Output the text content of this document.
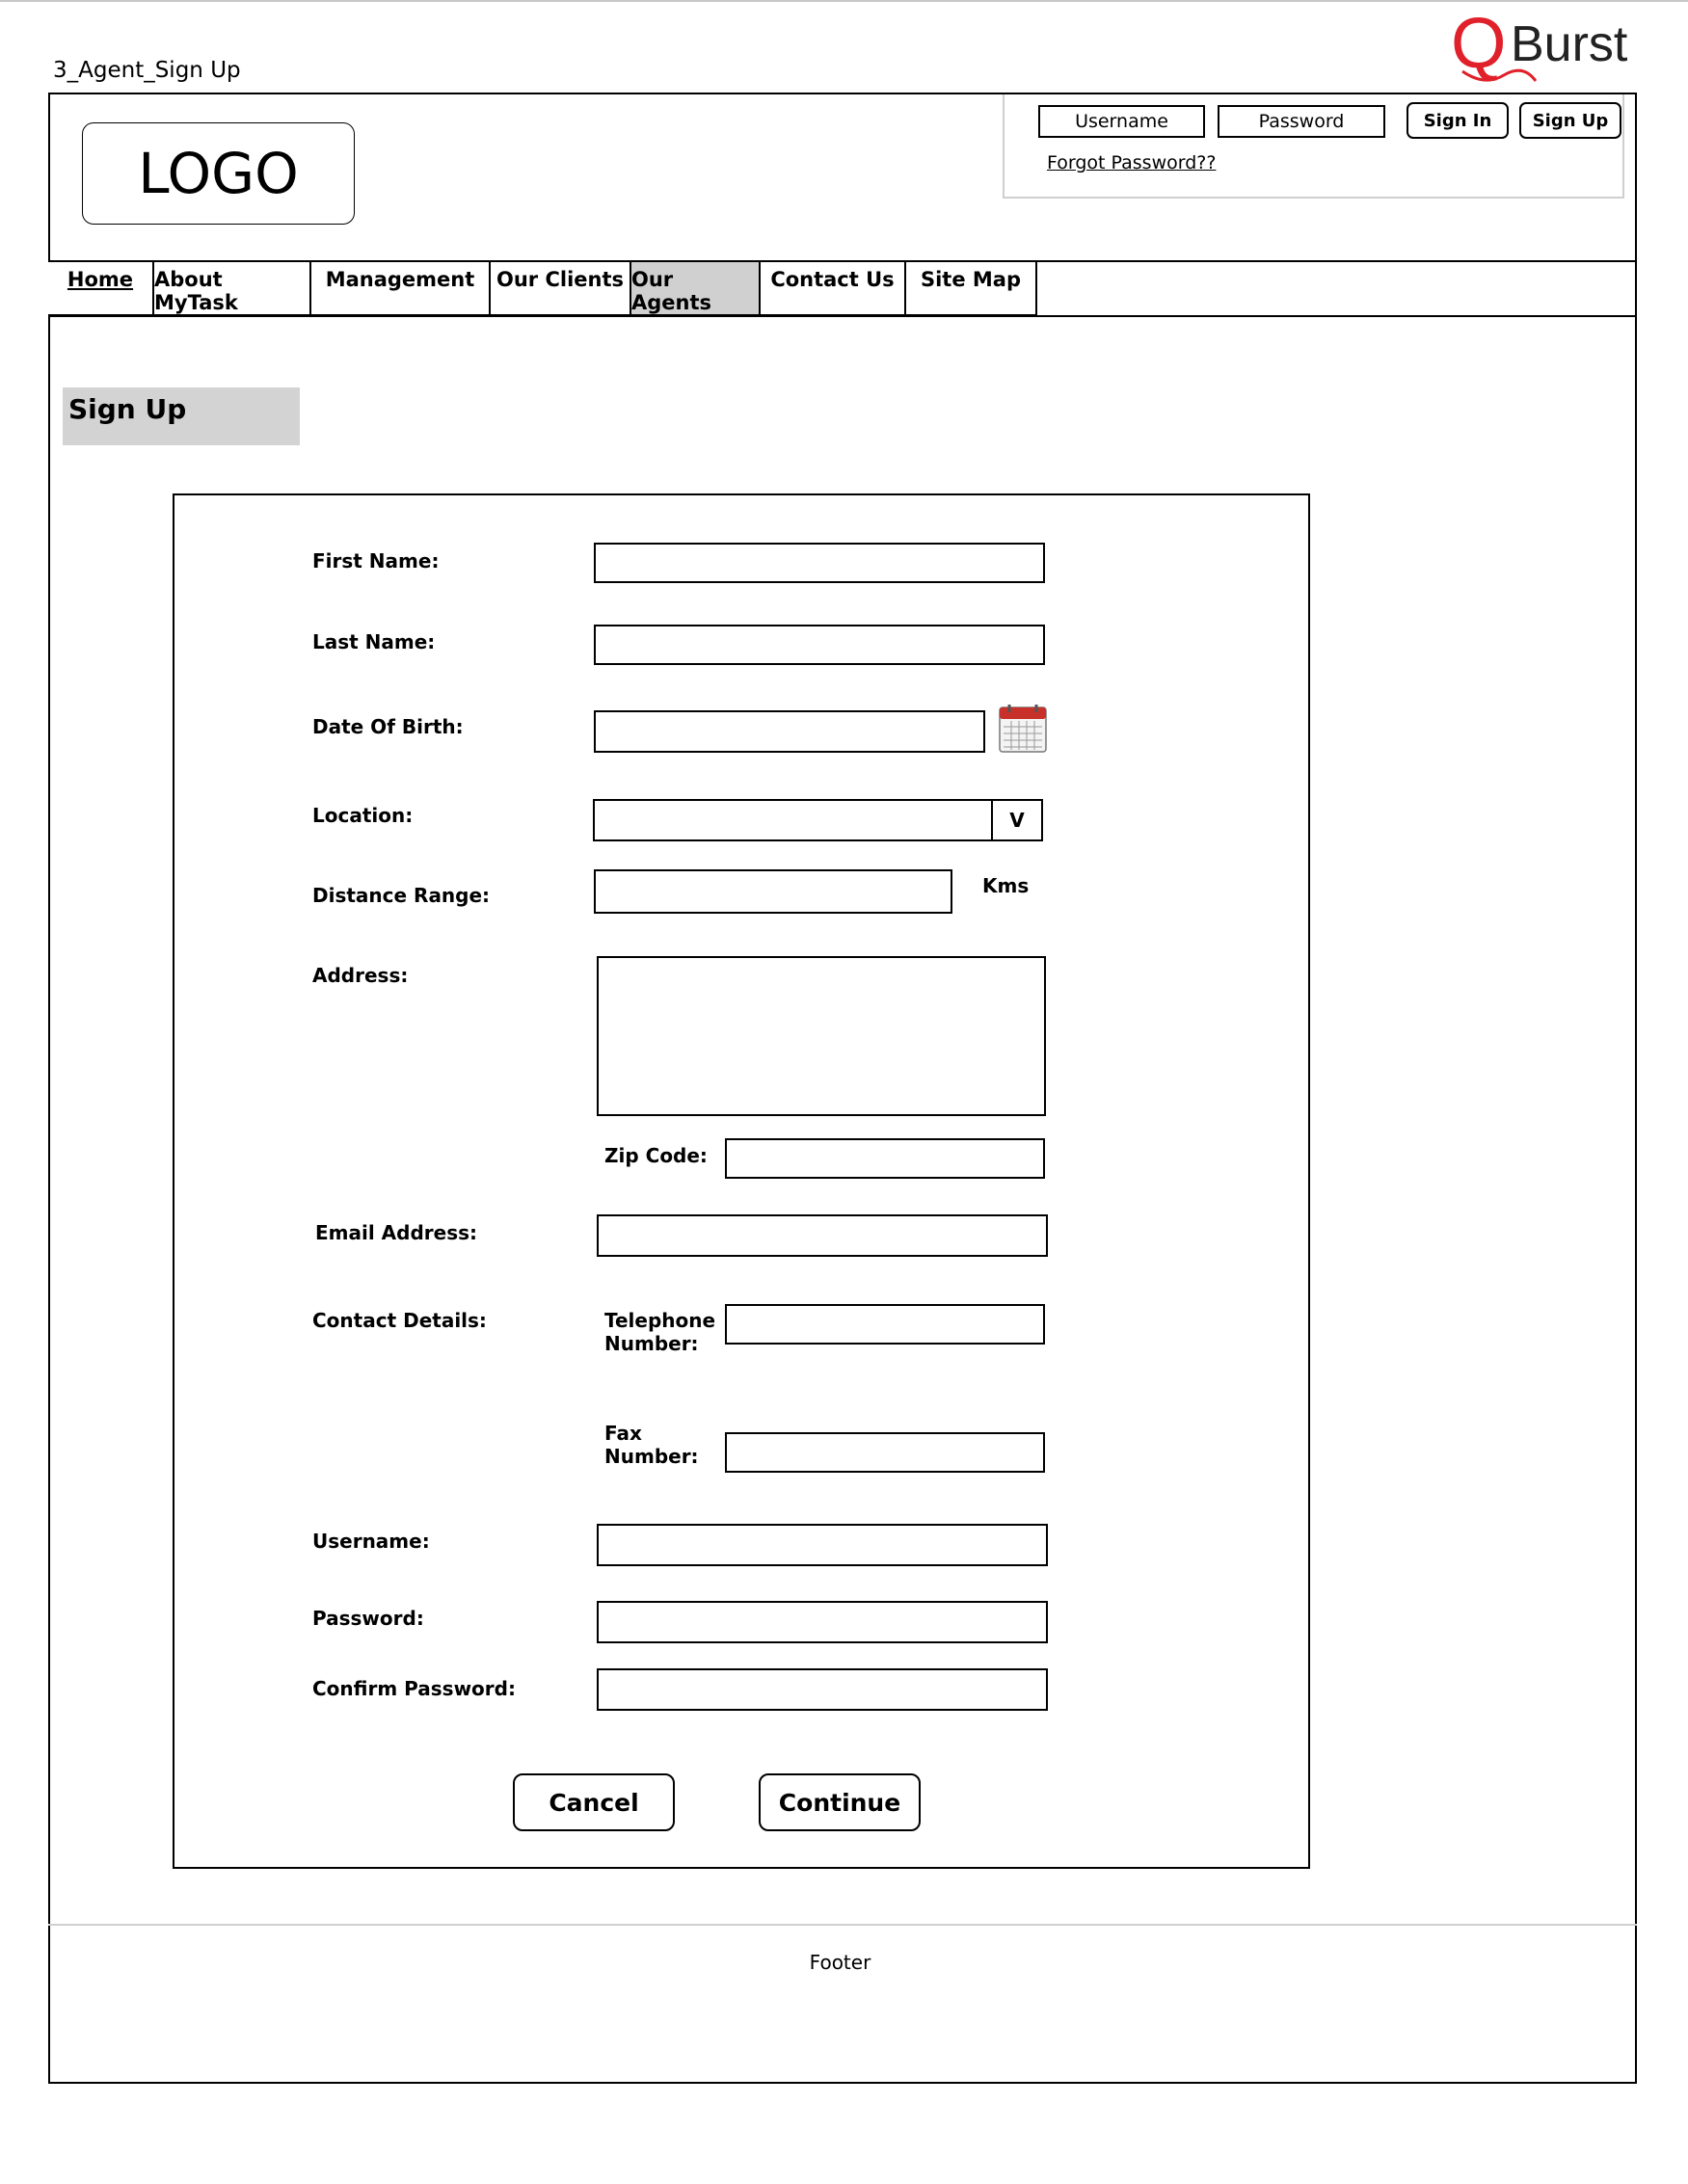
3_Agent_Sign Up	Q Burst
LOGO
Username	Password	Sign In	Sign Up
Forgot Password??
Home	About MyTask
Management	Our Clients Our Agents
Contact Us	Site Map
Sign Up
First Name:
Last Name:
Date Of Birth:
Location:	V
Distance Range:	Kms
Address:
Zip Code:
Email Address:
Contact Details:	Telephone
Number:
Fax
Number:
Username:
Password:
Confirm Password:
Cancel	Continue
Footer
